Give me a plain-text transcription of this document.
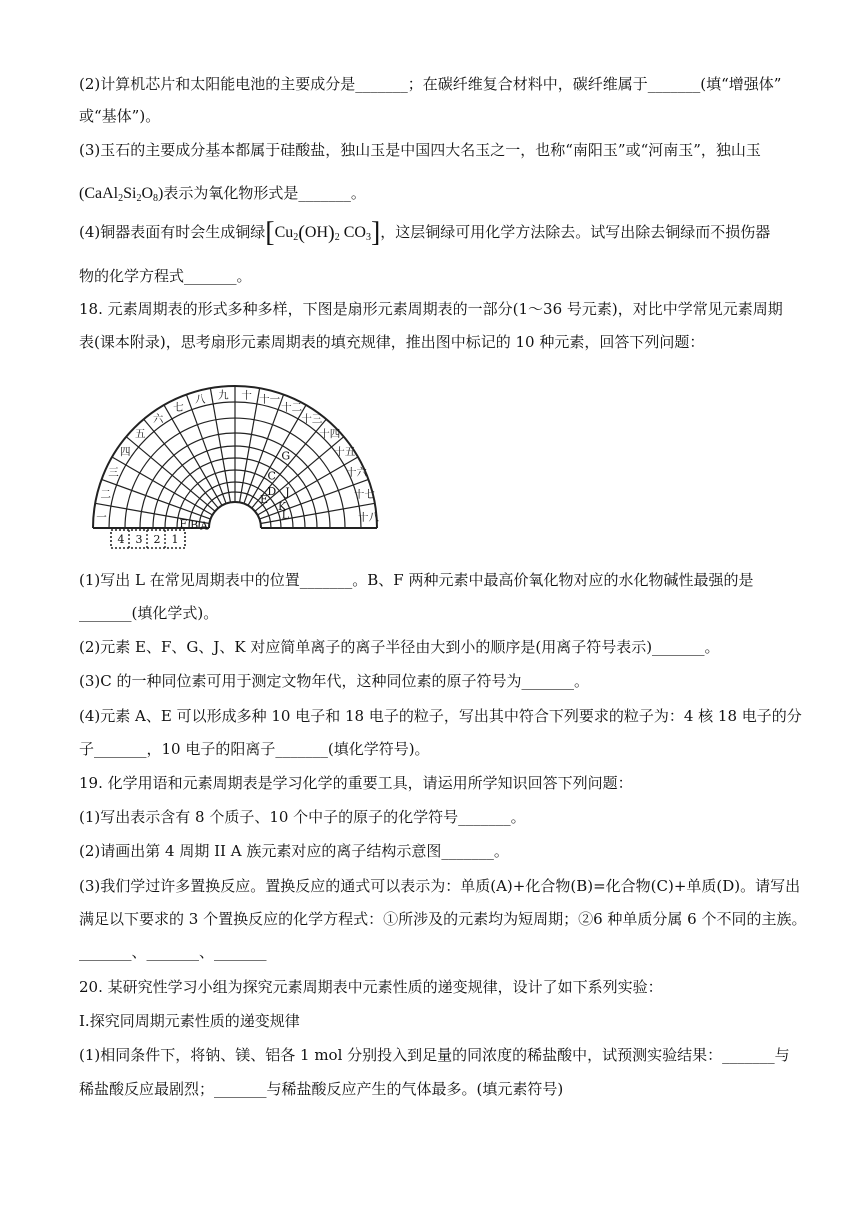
(2)计算机芯片和太阳能电池的主要成分是_______；在碳纤维复合材料中，碳纤维属于_______(填“增强体”
或“基体”)。
(3)玉石的主要成分基本都属于硅酸盐，独山玉是中国四大名玉之一，也称“南阳玉”或“河南玉”，独山玉
$(CaAl_2Si_2O_8)$表示为氧化物形式是_______。
(4)铜器表面有时会生成铜绿[$Cu_2(OH)_2$ $CO_3$]，这层铜绿可用化学方法除去。试写出除去铜绿而不损伤器
物的化学方程式_______。
18. 元素周期表的形式多种多样，下图是扇形元素周期表的一部分(1～36 号元素)，对比中学常见元素周期
表(课本附录)，思考扇形元素周期表的填充规律，推出图中标记的 10 种元素，回答下列问题：
一
二
三
四
五
六
七
八 九 十 十一
十二
十三
十四
十五
十六
十七
十八
A
B
F
C
D
E
G
J
K
L
4 3 2 1
(1)写出 L 在常见周期表中的位置_______。B、F 两种元素中最高价氧化物对应的水化物碱性最强的是
_______(填化学式)。
(2)元素 E、F、G、J、K 对应简单离子的离子半径由大到小的顺序是(用离子符号表示)_______。
(3)C 的一种同位素可用于测定文物年代，这种同位素的原子符号为_______。
(4)元素 A、E 可以形成多种 10 电子和 18 电子的粒子，写出其中符合下列要求的粒子为：4 核 18 电子的分
子_______，10 电子的阳离子_______(填化学符号)。
19. 化学用语和元素周期表是学习化学的重要工具，请运用所学知识回答下列问题：
(1)写出表示含有 8 个质子、10 个中子的原子的化学符号_______。
(2)请画出第 4 周期 II A 族元素对应的离子结构示意图_______。
(3)我们学过许多置换反应。置换反应的通式可以表示为：单质(A)+化合物(B)=化合物(C)+单质(D)。请写出
满足以下要求的 3 个置换反应的化学方程式：①所涉及的元素均为短周期；②6 种单质分属 6 个不同的主族。
_______、_______、_______
20. 某研究性学习小组为探究元素周期表中元素性质的递变规律，设计了如下系列实验：
I.探究同周期元素性质的递变规律
(1)相同条件下，将钠、镁、铝各 1 mol 分别投入到足量的同浓度的稀盐酸中，试预测实验结果：_______与
稀盐酸反应最剧烈；_______与稀盐酸反应产生的气体最多。(填元素符号)
